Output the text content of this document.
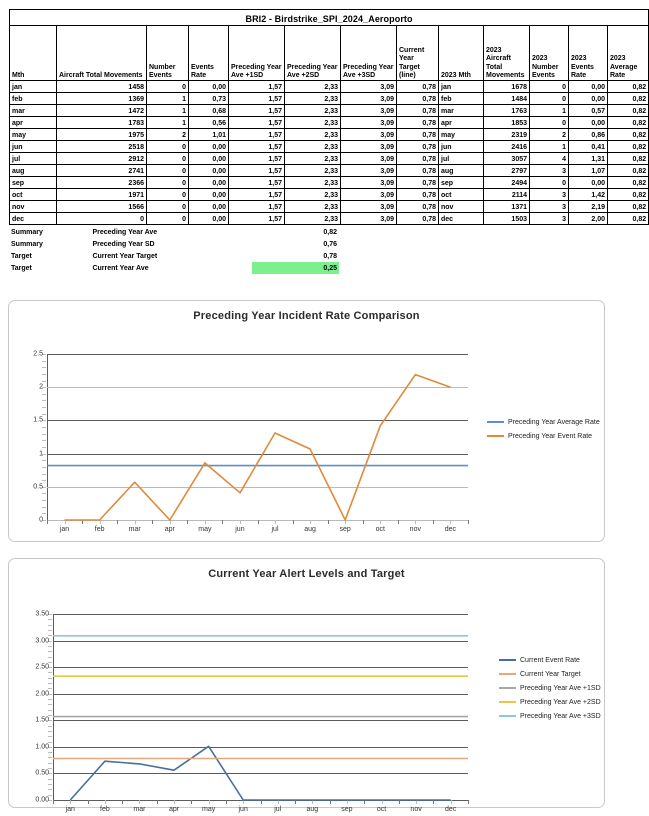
BRI2 - Birdstrike_SPI_2024_Aeroporto												
Mth	Aircraft Total Movements	Number Events	Events Rate	Preceding Year Ave +1SD	Preceding Year Ave +2SD	Preceding Year Ave +3SD	Current Year Target (line)	2023 Mth	2023 Aircraft Total Movements	2023 Number Events	2023 Events Rate	2023 Average Rate
jan	1458	0	0,00	1,57	2,33	3,09	0,78	jan	1678	0	0,00	0,82
feb	1369	1	0,73	1,57	2,33	3,09	0,78	feb	1484	0	0,00	0,82
mar	1472	1	0,68	1,57	2,33	3,09	0,78	mar	1763	1	0,57	0,82
apr	1783	1	0,56	1,57	2,33	3,09	0,78	apr	1853	0	0,00	0,82
may	1975	2	1,01	1,57	2,33	3,09	0,78	may	2319	2	0,86	0,82
jun	2518	0	0,00	1,57	2,33	3,09	0,78	jun	2416	1	0,41	0,82
jul	2912	0	0,00	1,57	2,33	3,09	0,78	jul	3057	4	1,31	0,82
aug	2741	0	0,00	1,57	2,33	3,09	0,78	aug	2797	3	1,07	0,82
sep	2366	0	0,00	1,57	2,33	3,09	0,78	sep	2494	0	0,00	0,82
oct	1971	0	0,00	1,57	2,33	3,09	0,78	oct	2114	3	1,42	0,82
nov	1566	0	0,00	1,57	2,33	3,09	0,78	nov	1371	3	2,19	0,82
dec	0	0	0,00	1,57	2,33	3,09	0,78	dec	1503	3	2,00	0,82
Summary	Preceding Year Ave	0,82
Summary	Preceding Year SD	0,76
Target	Current Year Target	0,78
Target	Current Year Ave	0,25
Preceding Year Incident Rate Comparison
0
0.5
1
1.5
2
2.5
jan	feb	mar	apr	may	jun	jul	aug	sep	oct	nov	dec
Preceding Year Average Rate
Preceding Year Event Rate
Current Year Alert Levels and Target
0.00
0.50
1.00
1.50
2.00
2.50
3.00
3.50
jan	feb	mar	apr	may	jun	jul	aug	sep	oct	nov	dec
Current Event Rate
Current Year Target
Preceding Year Ave +1SD
Preceding Year Ave +2SD
Preceding Year Ave +3SD
